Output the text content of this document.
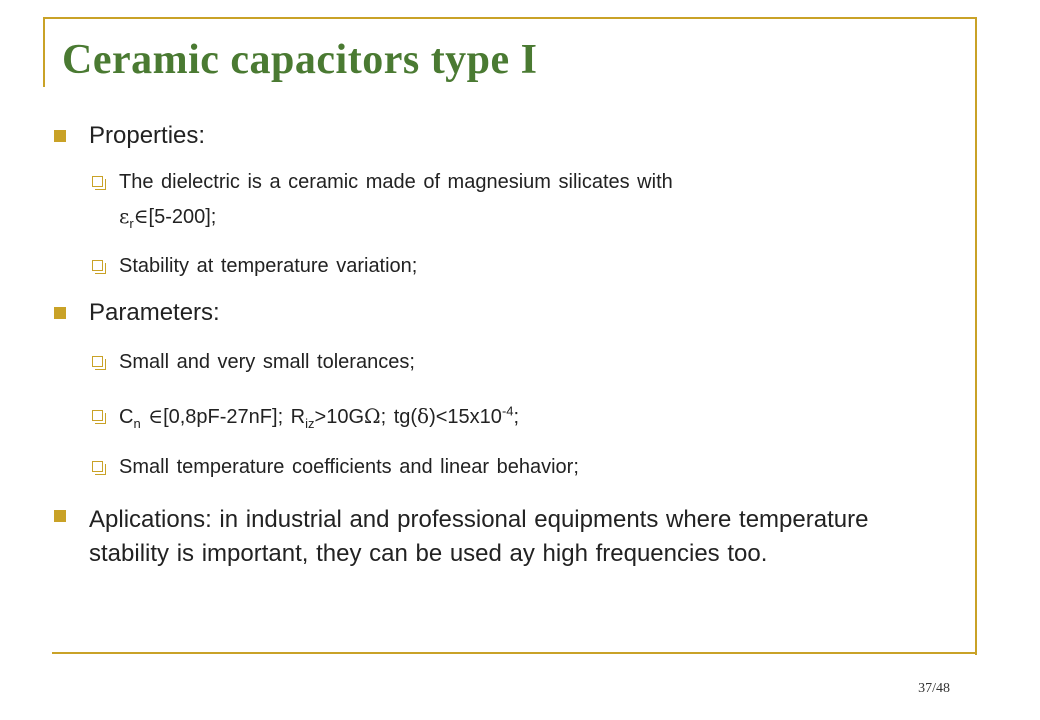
Ceramic capacitors type I
Properties:
The dielectric is a ceramic made of magnesium silicates with
$\varepsilon_r\in[5-200]$;
Stability at temperature variation;
Parameters:
Small and very small tolerances;
$C_n$ ∈[0,8pF-27nF]; $R_{iz}>10G\Omega$; $tg(\delta)<15x10^{-4}$;
Small temperature coefficients and linear behavior;
Aplications: in industrial and professional equipments where temperature stability is important, they can be used ay high frequencies too.
37/48
